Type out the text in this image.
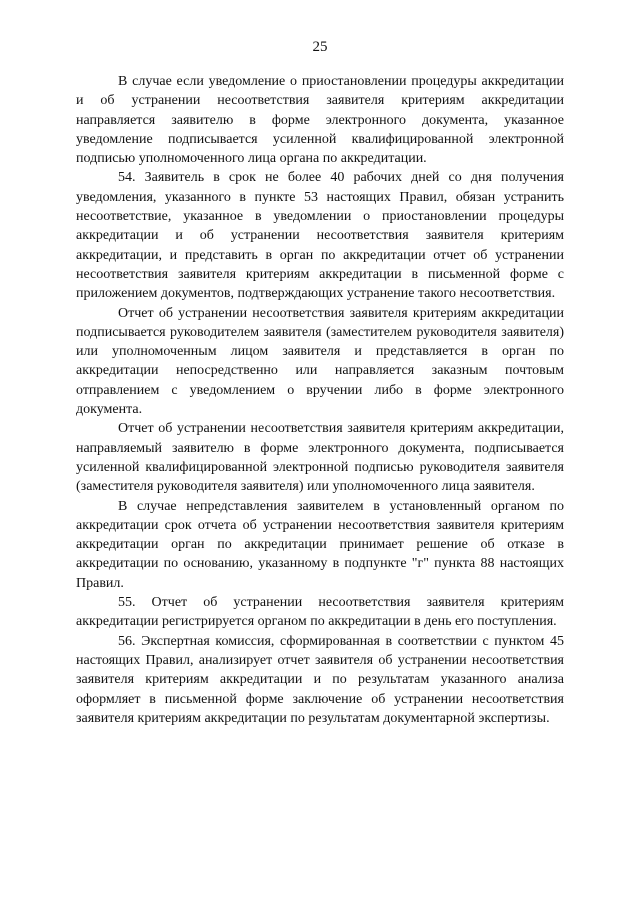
25

В случае если уведомление о приостановлении процедуры аккредитации и об устранении несоответствия заявителя критериям аккредитации направляется заявителю в форме электронного документа, указанное уведомление подписывается усиленной квалифицированной электронной подписью уполномоченного лица органа по аккредитации.

54. Заявитель в срок не более 40 рабочих дней со дня получения уведомления, указанного в пункте 53 настоящих Правил, обязан устранить несоответствие, указанное в уведомлении о приостановлении процедуры аккредитации и об устранении несоответствия заявителя критериям аккредитации, и представить в орган по аккредитации отчет об устранении несоответствия заявителя критериям аккредитации в письменной форме с приложением документов, подтверждающих устранение такого несоответствия.

Отчет об устранении несоответствия заявителя критериям аккредитации подписывается руководителем заявителя (заместителем руководителя заявителя) или уполномоченным лицом заявителя и представляется в орган по аккредитации непосредственно или направляется заказным почтовым отправлением с уведомлением о вручении либо в форме электронного документа.

Отчет об устранении несоответствия заявителя критериям аккредитации, направляемый заявителю в форме электронного документа, подписывается усиленной квалифицированной электронной подписью руководителя заявителя (заместителя руководителя заявителя) или уполномоченного лица заявителя.

В случае непредставления заявителем в установленный органом по аккредитации срок отчета об устранении несоответствия заявителя критериям аккредитации орган по аккредитации принимает решение об отказе в аккредитации по основанию, указанному в подпункте "г" пункта 88 настоящих Правил.

55. Отчет об устранении несоответствия заявителя критериям аккредитации регистрируется органом по аккредитации в день его поступления.

56. Экспертная комиссия, сформированная в соответствии с пунктом 45 настоящих Правил, анализирует отчет заявителя об устранении несоответствия заявителя критериям аккредитации и по результатам указанного анализа оформляет в письменной форме заключение об устранении несоответствия заявителя критериям аккредитации по результатам документарной экспертизы.
